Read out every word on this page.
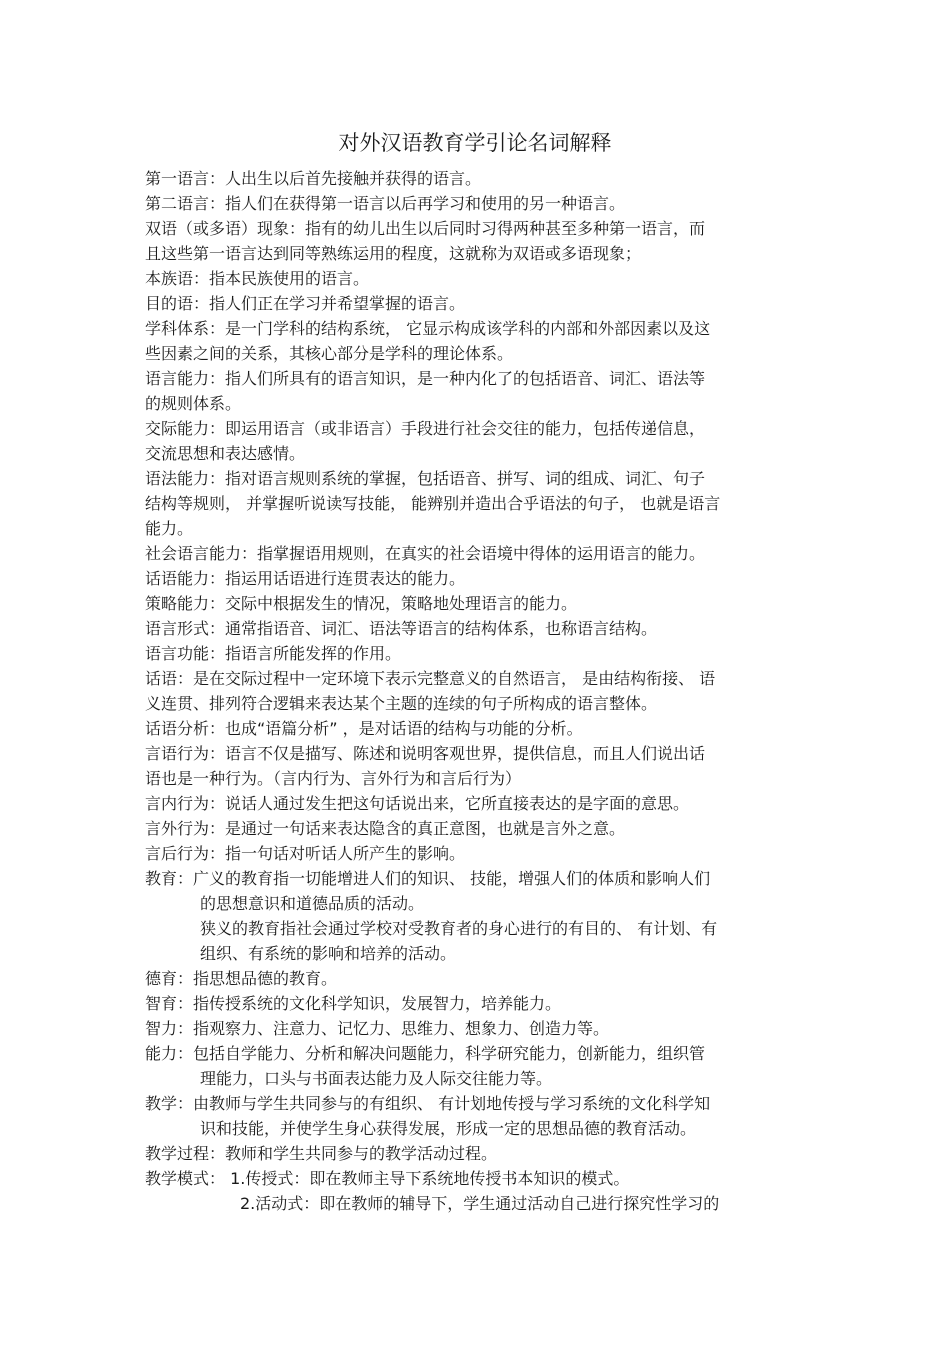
对外汉语教育学引论名词解释
第一语言：人出生以后首先接触并获得的语言。
第二语言：指人们在获得第一语言以后再学习和使用的另一种语言。
双语（或多语）现象：指有的幼儿出生以后同时习得两种甚至多种第一语言，而
且这些第一语言达到同等熟练运用的程度，这就称为双语或多语现象；
本族语：指本民族使用的语言。
目的语：指人们正在学习并希望掌握的语言。
学科体系：是一门学科的结构系统， 它显示构成该学科的内部和外部因素以及这
些因素之间的关系，其核心部分是学科的理论体系。
语言能力：指人们所具有的语言知识，是一种内化了的包括语音、词汇、语法等
的规则体系。
交际能力：即运用语言（或非语言）手段进行社会交往的能力，包括传递信息，
交流思想和表达感情。
语法能力：指对语言规则系统的掌握，包括语音、拼写、词的组成、词汇、句子
结构等规则， 并掌握听说读写技能， 能辨别并造出合乎语法的句子， 也就是语言
能力。
社会语言能力：指掌握语用规则，在真实的社会语境中得体的运用语言的能力。
话语能力：指运用话语进行连贯表达的能力。
策略能力：交际中根据发生的情况，策略地处理语言的能力。
语言形式：通常指语音、词汇、语法等语言的结构体系，也称语言结构。
语言功能：指语言所能发挥的作用。
话语：是在交际过程中一定环境下表示完整意义的自然语言， 是由结构衔接、 语
义连贯、排列符合逻辑来表达某个主题的连续的句子所构成的语言整体。
话语分析：也成“语篇分析” ，是对话语的结构与功能的分析。
言语行为：语言不仅是描写、陈述和说明客观世界，提供信息，而且人们说出话
语也是一种行为。（言内行为、言外行为和言后行为）
言内行为：说话人通过发生把这句话说出来，它所直接表达的是字面的意思。
言外行为：是通过一句话来表达隐含的真正意图，也就是言外之意。
言后行为：指一句话对听话人所产生的影响。
教育：广义的教育指一切能增进人们的知识、 技能，增强人们的体质和影响人们
的思想意识和道德品质的活动。
狭义的教育指社会通过学校对受教育者的身心进行的有目的、 有计划、有
组织、有系统的影响和培养的活动。
德育：指思想品德的教育。
智育：指传授系统的文化科学知识，发展智力，培养能力。
智力：指观察力、注意力、记忆力、思维力、想象力、创造力等。
能力：包括自学能力、分析和解决问题能力，科学研究能力，创新能力，组织管
理能力，口头与书面表达能力及人际交往能力等。
教学：由教师与学生共同参与的有组织、 有计划地传授与学习系统的文化科学知
识和技能，并使学生身心获得发展，形成一定的思想品德的教育活动。
教学过程：教师和学生共同参与的教学活动过程。
教学模式： 1.传授式：即在教师主导下系统地传授书本知识的模式。
2.活动式：即在教师的辅导下，学生通过活动自己进行探究性学习的
